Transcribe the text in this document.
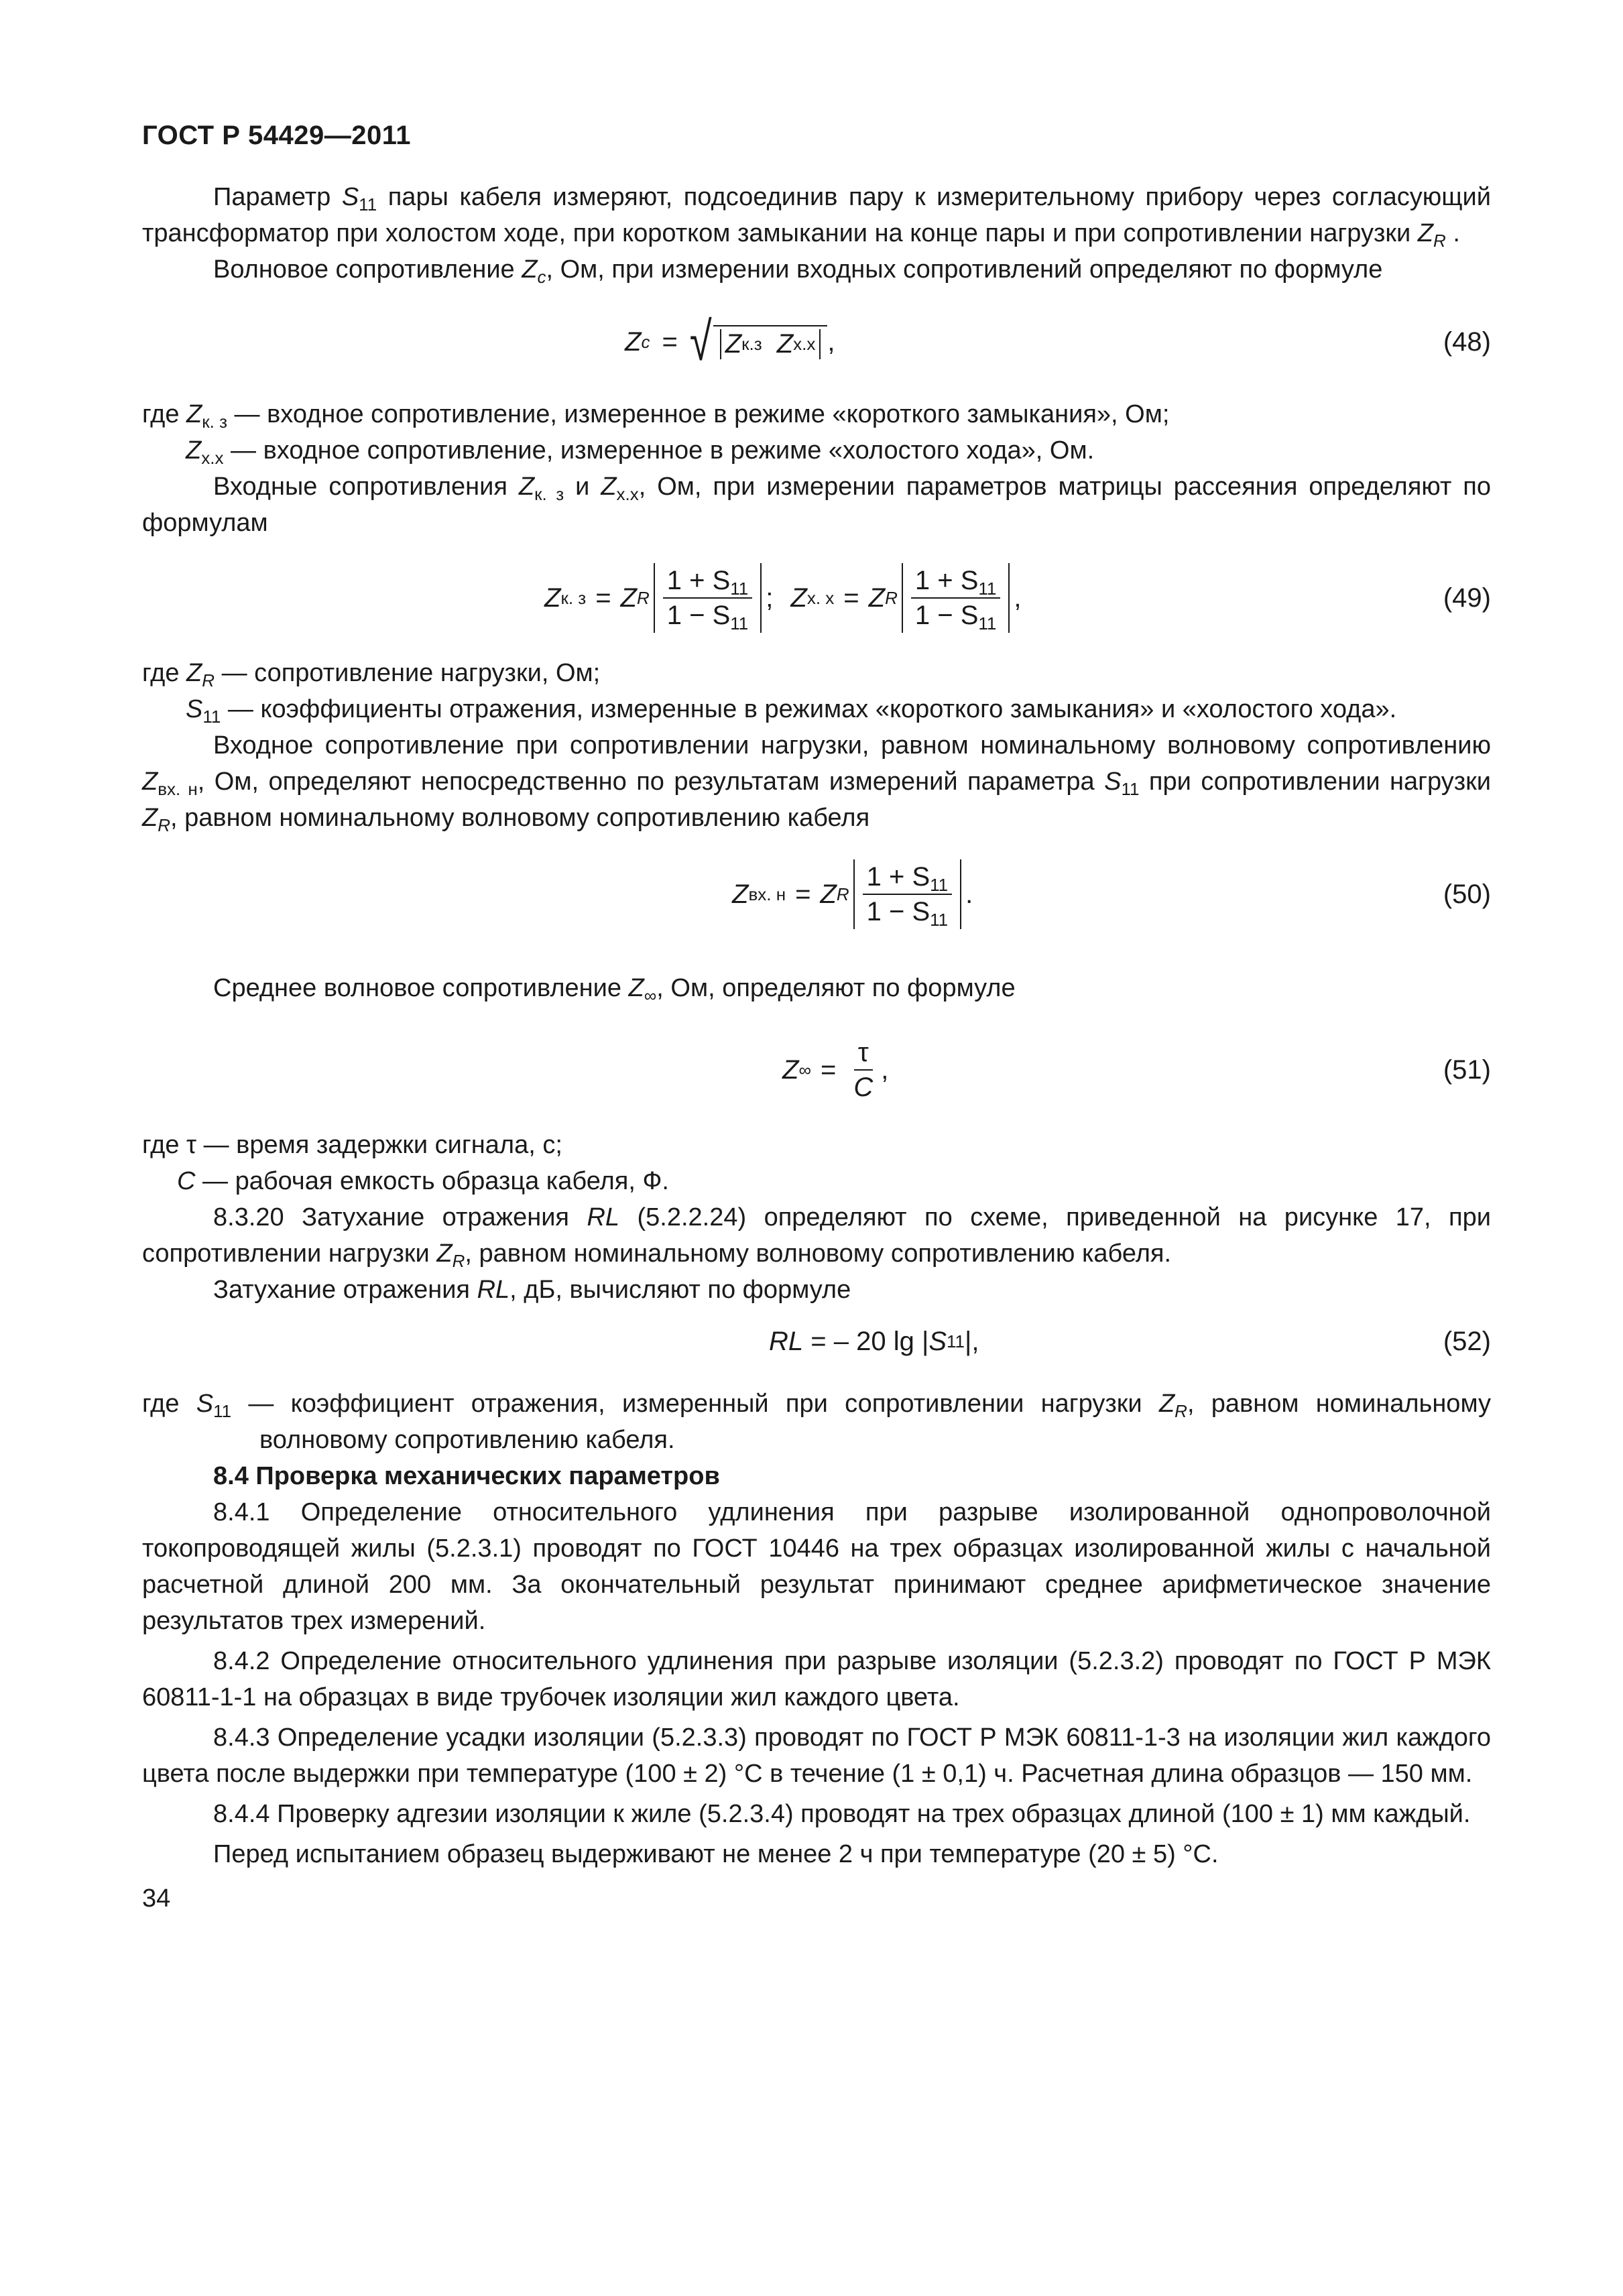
ГОСТ Р 54429—2011

Параметр $S_{11}$ пары кабеля измеряют, подсоединив пару к измерительному прибору через согласующий трансформатор при холостом ходе, при коротком замыкании на конце пары и при сопротивлении нагрузки $Z_R$ .

Волновое сопротивление $Z_c$, Ом, при измерении входных сопротивлений определяют по формуле

Z c = √ Z к.з Z х.х ,	(48)

где $Z_{к. з}$ — входное сопротивление, измеренное в режиме «короткого замыкания», Ом;

$Z_{х.х}$ — входное сопротивление, измеренное в режиме «холостого хода», Ом.

Входные сопротивления $Z_{к. з}$ и $Z_{х.х}$, Ом, при измерении параметров матрицы рассеяния определяют по формулам

Z к. з = Z R $\frac{1 + S_{11}}{1 - S_{11}}$ ; Z х. х = Z R $\frac{1 + S_{11}}{1 - S_{11}}$ ,	(49)

где $Z_R$ — сопротивление нагрузки, Ом;

$S_{11}$ — коэффициенты отражения, измеренные в режимах «короткого замыкания» и «холостого хода».

Входное сопротивление при сопротивлении нагрузки, равном номинальному волновому сопротивлению $Z_{вх. н}$, Ом, определяют непосредственно по результатам измерений параметра $S_{11}$ при сопротивлении нагрузки $Z_R$, равном номинальному волновому сопротивлению кабеля

Z вх. н = Z R $\frac{1 + S_{11}}{1 - S_{11}}$ .	(50)

Среднее волновое сопротивление $Z_\infty$, Ом, определяют по формуле

Z ∞ = $\frac{\tau}{C}$ ,	(51)

где τ — время задержки сигнала, с;

C — рабочая емкость образца кабеля, Ф.

8.3.20 Затухание отражения RL (5.2.2.24) определяют по схеме, приведенной на рисунке 17, при сопротивлении нагрузки $Z_R$, равном номинальному волновому сопротивлению кабеля.

Затухание отражения RL, дБ, вычисляют по формуле

RL = – 20 lg | S 11 |,	(52)

где $S_{11}$ — коэффициент отражения, измеренный при сопротивлении нагрузки $Z_R$, равном номинальному волновому сопротивлению кабеля.

8.4 Проверка механических параметров

8.4.1 Определение относительного удлинения при разрыве изолированной однопроволочной токопроводящей жилы (5.2.3.1) проводят по ГОСТ 10446 на трех образцах изолированной жилы с начальной расчетной длиной 200 мм. За окончательный результат принимают среднее арифметическое значение результатов трех измерений.

8.4.2 Определение относительного удлинения при разрыве изоляции (5.2.3.2) проводят по ГОСТ Р МЭК 60811-1-1 на образцах в виде трубочек изоляции жил каждого цвета.

8.4.3 Определение усадки изоляции (5.2.3.3) проводят по ГОСТ Р МЭК 60811-1-3 на изоляции жил каждого цвета после выдержки при температуре (100 ± 2) °С в течение (1 ± 0,1) ч. Расчетная длина образцов — 150 мм.

8.4.4 Проверку адгезии изоляции к жиле (5.2.3.4) проводят на трех образцах длиной (100 ± 1) мм каждый.

Перед испытанием образец выдерживают не менее 2 ч при температуре (20 ± 5) °С.

34
